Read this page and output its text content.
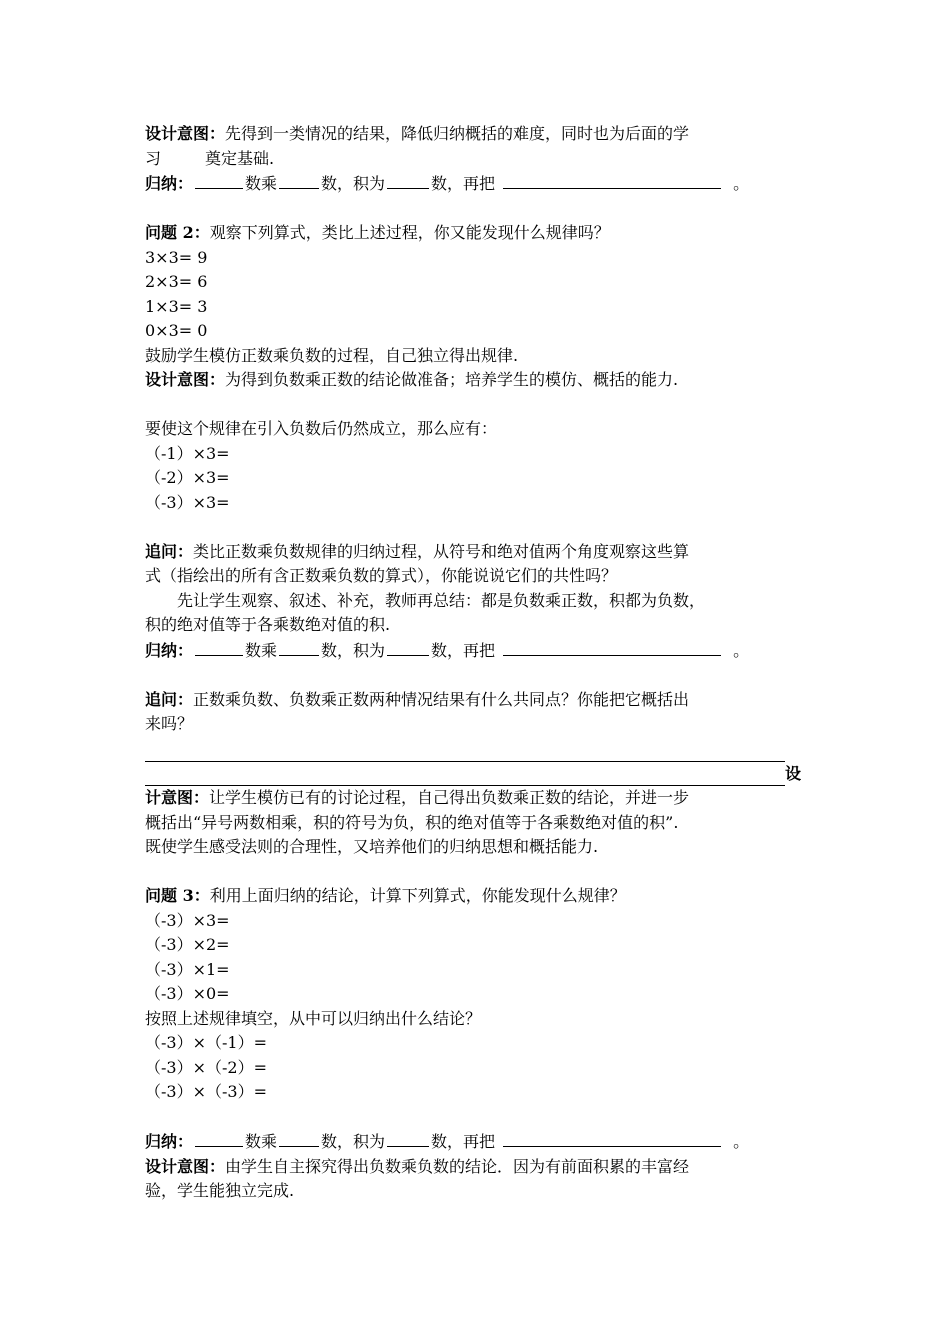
设计意图：先得到一类情况的结果，降低归纳概括的难度，同时也为后面的学
习	奠定基础.
归纳：	数乘	数，积为	数，再把	。
问题 2：观察下列算式，类比上述过程，你又能发现什么规律吗？
3×3= 9
2×3= 6
1×3= 3
0×3= 0
鼓励学生模仿正数乘负数的过程，自己独立得出规律.
设计意图：为得到负数乘正数的结论做准备；培养学生的模仿、概括的能力.
要使这个规律在引入负数后仍然成立，那么应有：
（-1）×3=
（-2）×3=
（-3）×3=
追问：类比正数乘负数规律的归纳过程，从符号和绝对值两个角度观察这些算
式（指绘出的所有含正数乘负数的算式），你能说说它们的共性吗？
先让学生观察、叙述、补充，教师再总结：都是负数乘正数，积都为负数，
积的绝对值等于各乘数绝对值的积.
归纳：	数乘	数，积为	数，再把	。
追问：正数乘负数、负数乘正数两种情况结果有什么共同点？你能把它概括出
来吗？
设
计意图：让学生模仿已有的讨论过程，自己得出负数乘正数的结论，并进一步
概括出“异号两数相乘，积的符号为负，积的绝对值等于各乘数绝对值的积”.
既使学生感受法则的合理性，又培养他们的归纳思想和概括能力.
问题 3：利用上面归纳的结论，计算下列算式，你能发现什么规律？
（-3）×3=
（-3）×2=
（-3）×1=
（-3）×0=
按照上述规律填空，从中可以归纳出什么结论？
（-3）×（-1）=
（-3）×（-2）=
（-3）×（-3）=
归纳：	数乘	数，积为	数，再把	。
设计意图：由学生自主探究得出负数乘负数的结论．因为有前面积累的丰富经
验，学生能独立完成.
